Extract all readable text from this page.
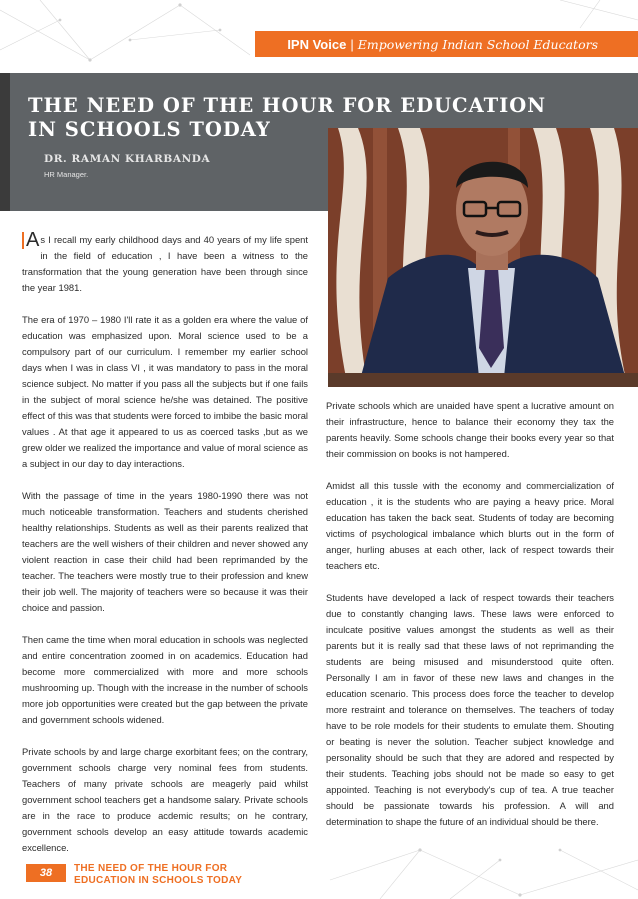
IPN Voice | Empowering Indian School Educators
THE NEED OF THE HOUR FOR EDUCATION
IN SCHOOLS TODAY
DR. RAMAN KHARBANDA
HR Manager.

A s I recall my early childhood days and 40 years of my life spent in the field of education , I have been a witness to the transformation that the young generation have been through since the year 1981.

The era of 1970 – 1980 I'll rate it as a golden era where the value of education was emphasized upon. Moral science used to be a compulsory part of our curriculum. I remember my earlier school days when I was in class VI , it was mandatory to pass in the moral science subject. No matter if you pass all the subjects but if one fails in the subject of moral science he/she was detained. The positive effect of this was that students were forced to imbibe the basic moral values . At that age it appeared to us as coerced tasks ,but as we grew older we realized the importance and value of moral science as a subject in our day to day interactions.

With the passage of time in the years 1980-1990 there was not much noticeable transformation. Teachers and students cherished healthy relationships. Students as well as their parents realized that teachers are the well wishers of their children and never showed any violent reaction in case their child had been reprimanded by the teacher. The teachers were mostly true to their profession and knew their job well. The majority of teachers were so because it was their choice and passion.

Then came the time when moral education in schools was neglected and entire concentration zoomed in on academics. Education had become more commercialized with more and more schools mushrooming up. Though with the increase in the number of schools more job opportunities were created but the gap between the private and government schools widened.

Private schools by and large charge exorbitant fees; on the contrary, government schools charge very nominal fees from students. Teachers of many private schools are meagerly paid whilst government school teachers get a handsome salary. Private schools are in the race to produce acdemic results; on he contrary, government schools develop an easy attitude towards academic excellence.

Private schools which are unaided have spent a lucrative amount on their infrastructure, hence to balance their economy they tax the parents heavily. Some schools change their books every year so that their commission on books is not hampered.

Amidst all this tussle with the economy and commercialization of education , it is the students who are paying a heavy price. Moral education has taken the back seat. Students of today are becoming victims of psychological imbalance which blurts out in the form of anger, hurling abuses at each other, lack of respect towards their teachers etc.

Students have developed a lack of respect towards their teachers due to constantly changing laws. These laws were enforced to inculcate positive values amongst the students as well as their parents but it is really sad that these laws of not reprimanding the students are being misused and misunderstood quite often. Personally I am in favor of these new laws and changes in the education scenario. This process does force the teacher to develop more restraint and tolerance on themselves. The teachers of today have to be role models for their students to emulate them. Shouting or beating is never the solution. Teacher subject knowledge and personality should be such that they are adored and respected by their students. Teaching jobs should not be made so easy to get appointed. Teaching is not everybody's cup of tea. A true teacher should be passionate towards his profession. A will and determination to shape the future of an individual should be there.

38	THE NEED OF THE HOUR FOR
EDUCATION IN SCHOOLS TODAY
